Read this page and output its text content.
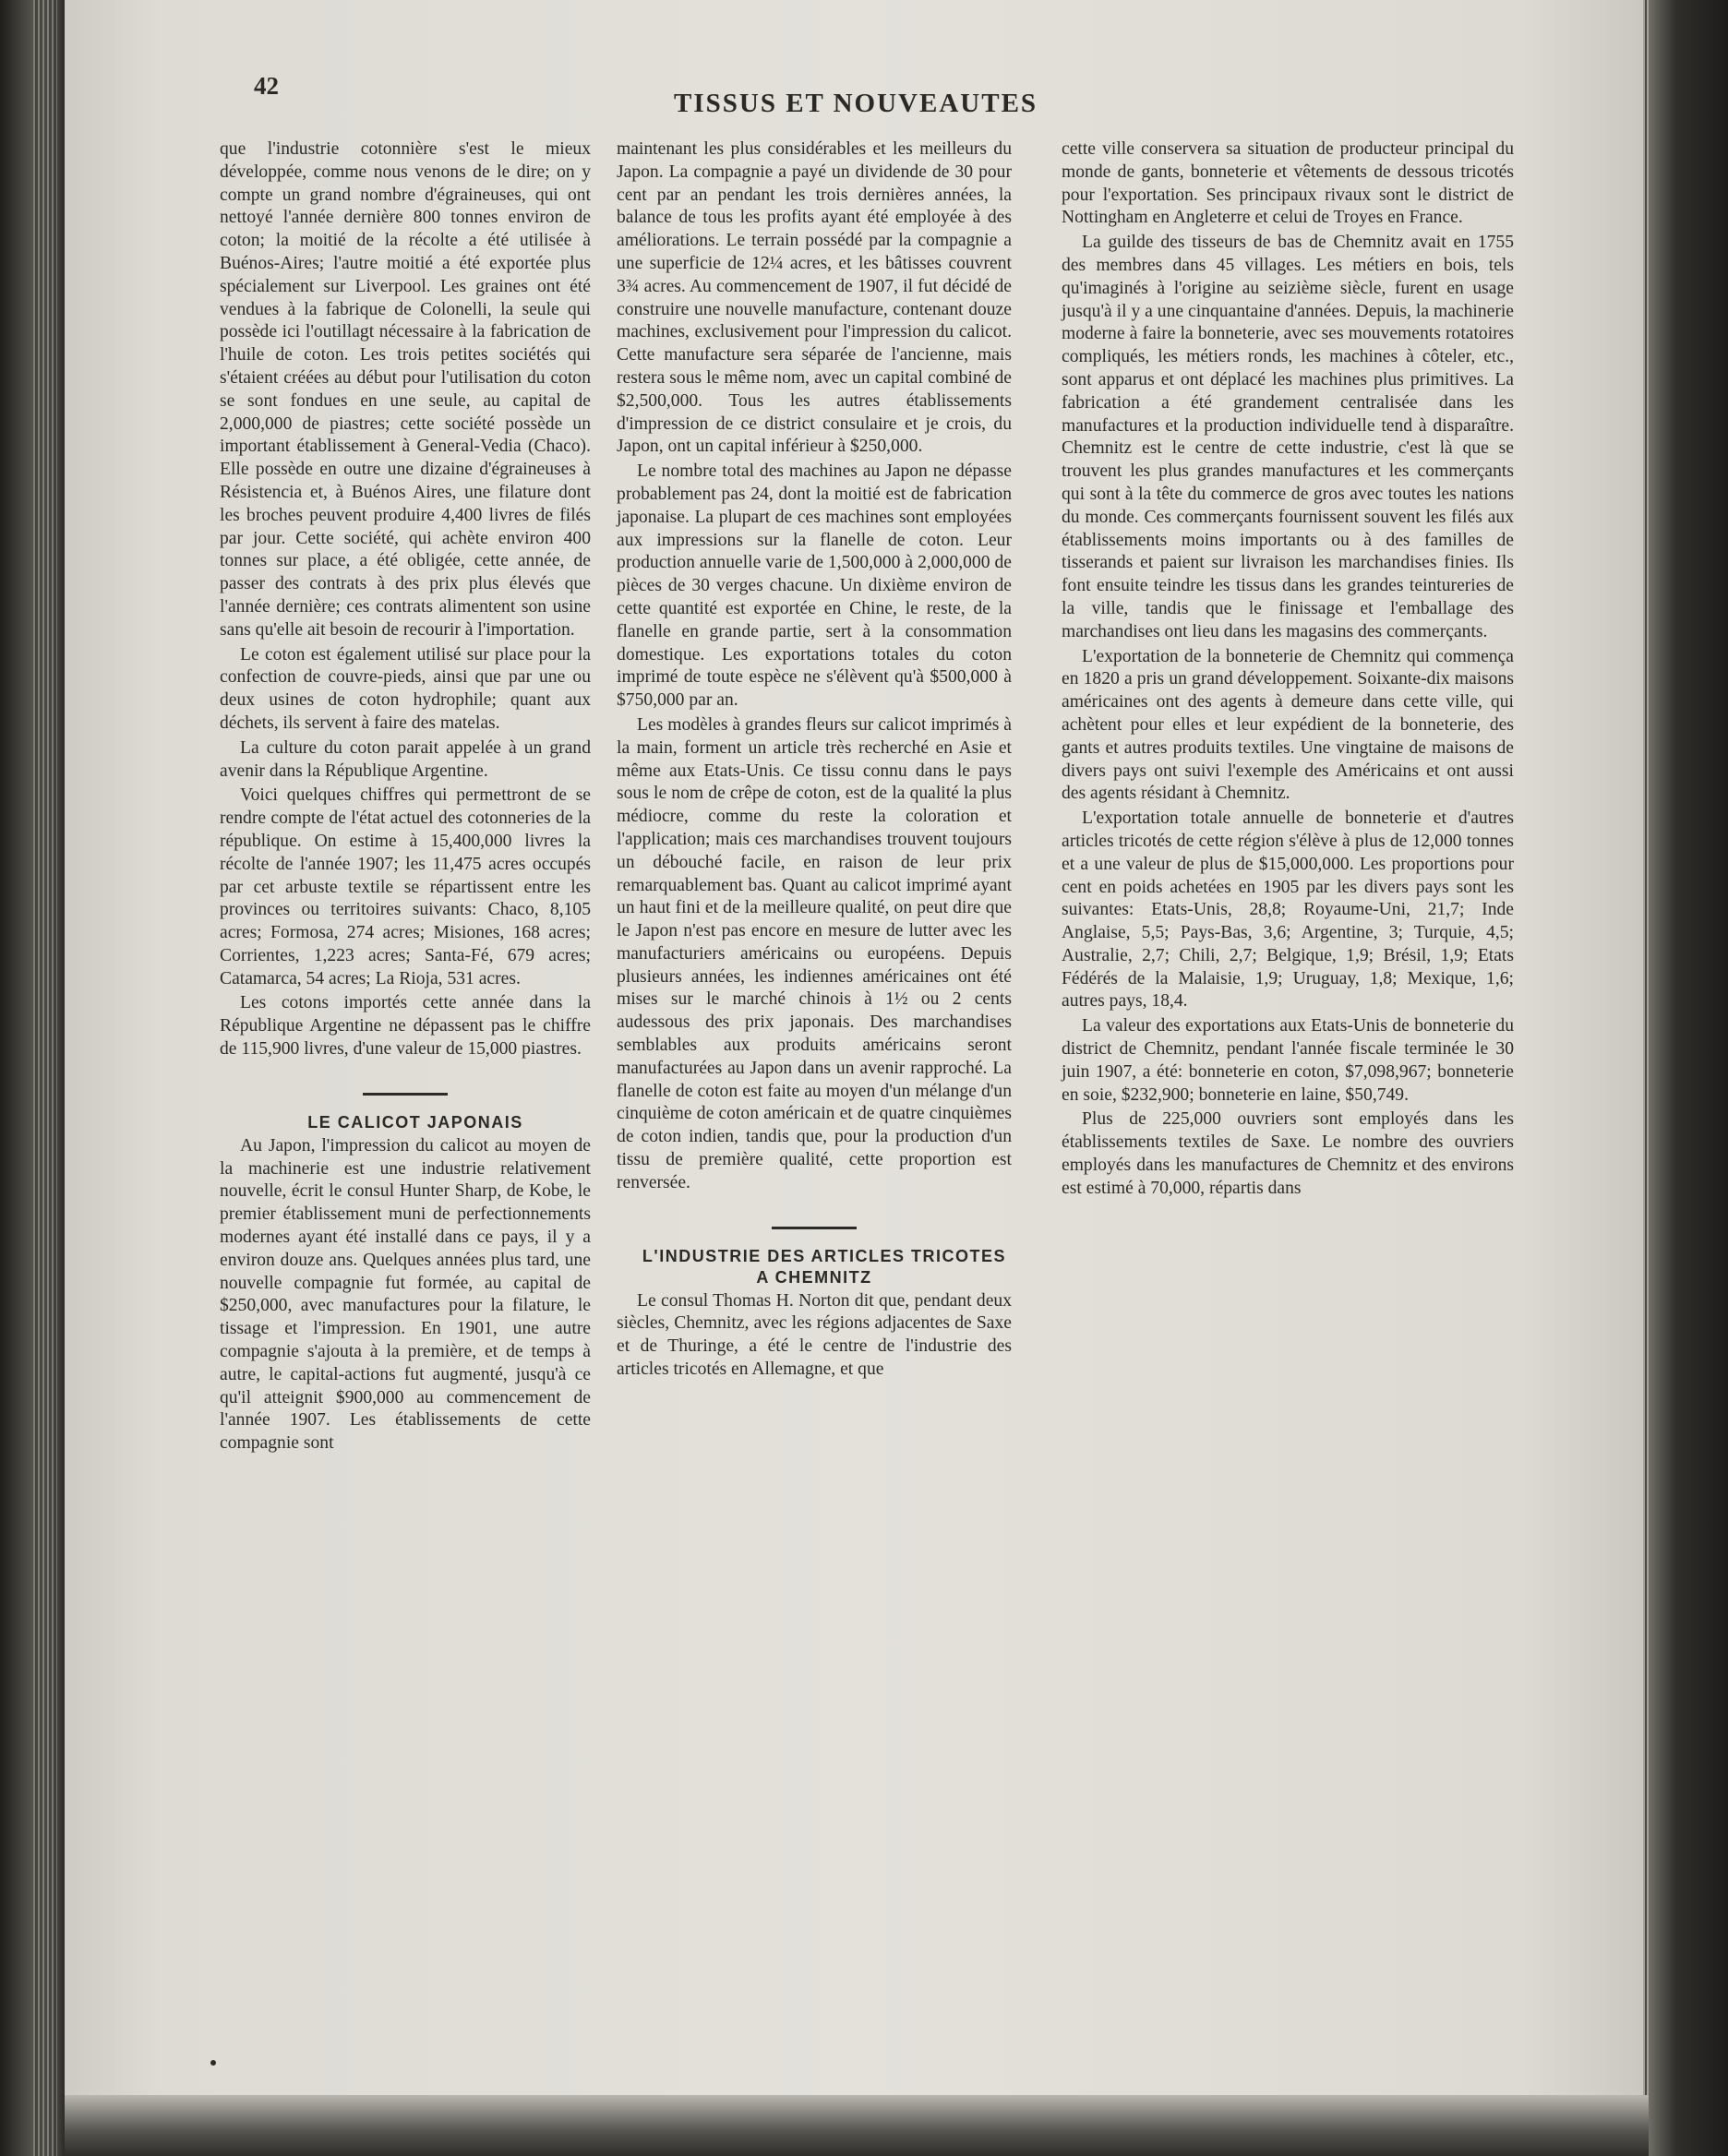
42
TISSUS ET NOUVEAUTES

que l'industrie cotonnière s'est le mieux développée, comme nous venons de le dire; on y compte un grand nombre d'égraineuses, qui ont nettoyé l'année dernière 800 tonnes environ de coton; la moitié de la récolte a été utilisée à Buénos-Aires; l'autre moitié a été exportée plus spécialement sur Liverpool. Les graines ont été vendues à la fabrique de Colonelli, la seule qui possède ici l'outillagt nécessaire à la fabrication de l'huile de coton. Les trois petites sociétés qui s'étaient créées au début pour l'utilisation du coton se sont fondues en une seule, au capital de 2,000,000 de piastres; cette société possède un important établissement à General-Vedia (Chaco). Elle possède en outre une dizaine d'égraineuses à Résistencia et, à Buénos Aires, une filature dont les broches peuvent produire 4,400 livres de filés par jour. Cette société, qui achète environ 400 tonnes sur place, a été obligée, cette année, de passer des contrats à des prix plus élevés que l'année dernière; ces contrats alimentent son usine sans qu'elle ait besoin de recourir à l'importation.

Le coton est également utilisé sur place pour la confection de couvre-pieds, ainsi que par une ou deux usines de coton hydrophile; quant aux déchets, ils servent à faire des matelas.

La culture du coton parait appelée à un grand avenir dans la République Argentine.

Voici quelques chiffres qui permettront de se rendre compte de l'état actuel des cotonneries de la république. On estime à 15,400,000 livres la récolte de l'année 1907; les 11,475 acres occupés par cet arbuste textile se répartissent entre les provinces ou territoires suivants: Chaco, 8,105 acres; Formosa, 274 acres; Misiones, 168 acres; Corrientes, 1,223 acres; Santa-Fé, 679 acres; Catamarca, 54 acres; La Rioja, 531 acres.

Les cotons importés cette année dans la République Argentine ne dépassent pas le chiffre de 115,900 livres, d'une valeur de 15,000 piastres.

LE CALICOT JAPONAIS

Au Japon, l'impression du calicot au moyen de la machinerie est une industrie relativement nouvelle, écrit le consul Hunter Sharp, de Kobe, le premier établissement muni de perfectionnements modernes ayant été installé dans ce pays, il y a environ douze ans. Quelques années plus tard, une nouvelle compagnie fut formée, au capital de $250,000, avec manufactures pour la filature, le tissage et l'impression. En 1901, une autre compagnie s'ajouta à la première, et de temps à autre, le capital-actions fut augmenté, jusqu'à ce qu'il atteignit $900,000 au commencement de l'année 1907. Les établissements de cette compagnie sont

maintenant les plus considérables et les meilleurs du Japon. La compagnie a payé un dividende de 30 pour cent par an pendant les trois dernières années, la balance de tous les profits ayant été employée à des améliorations. Le terrain possédé par la compagnie a une superficie de 12¼ acres, et les bâtisses couvrent 3¾ acres. Au commencement de 1907, il fut décidé de construire une nouvelle manufacture, contenant douze machines, exclusivement pour l'impression du calicot. Cette manufacture sera séparée de l'ancienne, mais restera sous le même nom, avec un capital combiné de $2,500,000. Tous les autres établissements d'impression de ce district consulaire et je crois, du Japon, ont un capital inférieur à $250,000.

Le nombre total des machines au Japon ne dépasse probablement pas 24, dont la moitié est de fabrication japonaise. La plupart de ces machines sont employées aux impressions sur la flanelle de coton. Leur production annuelle varie de 1,500,000 à 2,000,000 de pièces de 30 verges chacune. Un dixième environ de cette quantité est exportée en Chine, le reste, de la flanelle en grande partie, sert à la consommation domestique. Les exportations totales du coton imprimé de toute espèce ne s'élèvent qu'à $500,000 à $750,000 par an.

Les modèles à grandes fleurs sur calicot imprimés à la main, forment un article très recherché en Asie et même aux Etats-Unis. Ce tissu connu dans le pays sous le nom de crêpe de coton, est de la qualité la plus médiocre, comme du reste la coloration et l'application; mais ces marchandises trouvent toujours un débouché facile, en raison de leur prix remarquablement bas. Quant au calicot imprimé ayant un haut fini et de la meilleure qualité, on peut dire que le Japon n'est pas encore en mesure de lutter avec les manufacturiers américains ou européens. Depuis plusieurs années, les indiennes américaines ont été mises sur le marché chinois à 1½ ou 2 cents audessous des prix japonais. Des marchandises semblables aux produits américains seront manufacturées au Japon dans un avenir rapproché. La flanelle de coton est faite au moyen d'un mélange d'un cinquième de coton américain et de quatre cinquièmes de coton indien, tandis que, pour la production d'un tissu de première qualité, cette proportion est renversée.

L'INDUSTRIE DES ARTICLES TRICOTES A CHEMNITZ

Le consul Thomas H. Norton dit que, pendant deux siècles, Chemnitz, avec les régions adjacentes de Saxe et de Thuringe, a été le centre de l'industrie des articles tricotés en Allemagne, et que

cette ville conservera sa situation de producteur principal du monde de gants, bonneterie et vêtements de dessous tricotés pour l'exportation. Ses principaux rivaux sont le district de Nottingham en Angleterre et celui de Troyes en France.

La guilde des tisseurs de bas de Chemnitz avait en 1755 des membres dans 45 villages. Les métiers en bois, tels qu'imaginés à l'origine au seizième siècle, furent en usage jusqu'à il y a une cinquantaine d'années. Depuis, la machinerie moderne à faire la bonneterie, avec ses mouvements rotatoires compliqués, les métiers ronds, les machines à côteler, etc., sont apparus et ont déplacé les machines plus primitives. La fabrication a été grandement centralisée dans les manufactures et la production individuelle tend à disparaître. Chemnitz est le centre de cette industrie, c'est là que se trouvent les plus grandes manufactures et les commerçants qui sont à la tête du commerce de gros avec toutes les nations du monde. Ces commerçants fournissent souvent les filés aux établissements moins importants ou à des familles de tisserands et paient sur livraison les marchandises finies. Ils font ensuite teindre les tissus dans les grandes teintureries de la ville, tandis que le finissage et l'emballage des marchandises ont lieu dans les magasins des commerçants.

L'exportation de la bonneterie de Chemnitz qui commença en 1820 a pris un grand développement. Soixante-dix maisons américaines ont des agents à demeure dans cette ville, qui achètent pour elles et leur expédient de la bonneterie, des gants et autres produits textiles. Une vingtaine de maisons de divers pays ont suivi l'exemple des Américains et ont aussi des agents résidant à Chemnitz.

L'exportation totale annuelle de bonneterie et d'autres articles tricotés de cette région s'élève à plus de 12,000 tonnes et a une valeur de plus de $15,000,000. Les proportions pour cent en poids achetées en 1905 par les divers pays sont les suivantes: Etats-Unis, 28,8; Royaume-Uni, 21,7; Inde Anglaise, 5,5; Pays-Bas, 3,6; Argentine, 3; Turquie, 4,5; Australie, 2,7; Chili, 2,7; Belgique, 1,9; Brésil, 1,9; Etats Fédérés de la Malaisie, 1,9; Uruguay, 1,8; Mexique, 1,6; autres pays, 18,4.

La valeur des exportations aux Etats-Unis de bonneterie du district de Chemnitz, pendant l'année fiscale terminée le 30 juin 1907, a été: bonneterie en coton, $7,098,967; bonneterie en soie, $232,900; bonneterie en laine, $50,749.

Plus de 225,000 ouvriers sont employés dans les établissements textiles de Saxe. Le nombre des ouvriers employés dans les manufactures de Chemnitz et des environs est estimé à 70,000, répartis dans
